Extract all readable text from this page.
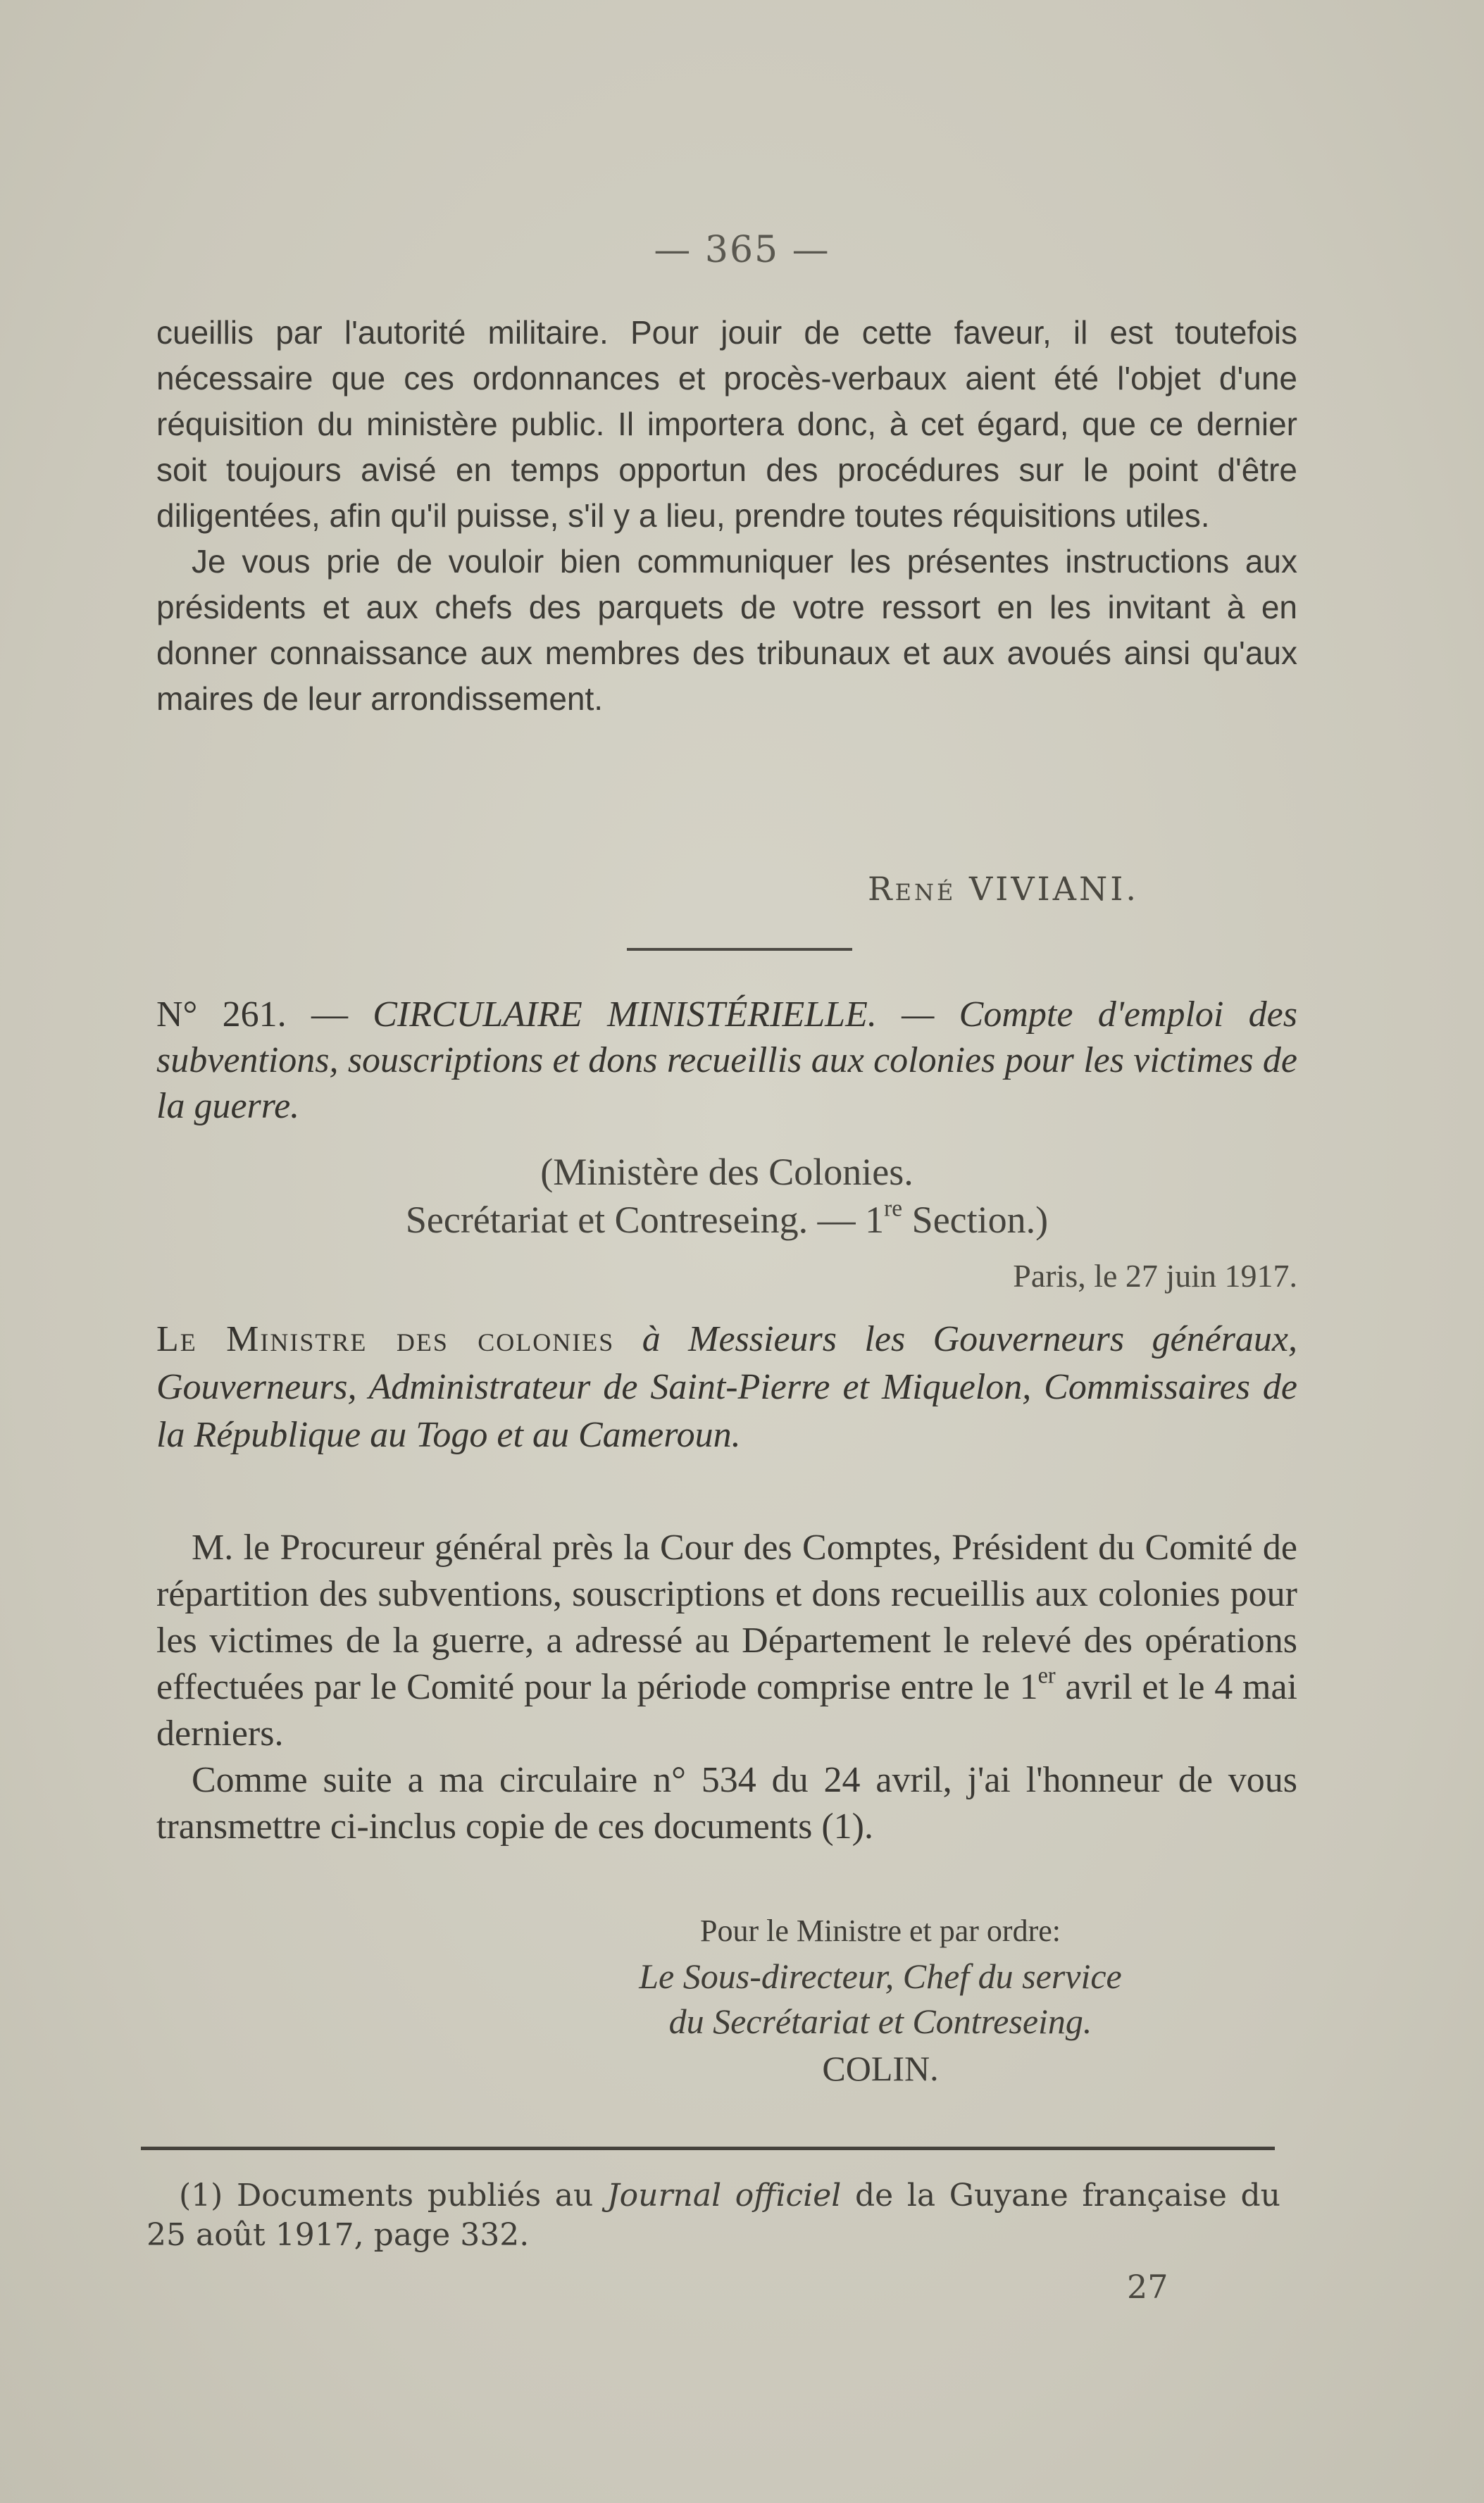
— 365 —

cueillis par l'autorité militaire. Pour jouir de cette faveur, il est toutefois nécessaire que ces ordonnances et procès-verbaux aient été l'objet d'une réquisition du ministère public. Il importera donc, à cet égard, que ce dernier soit toujours avisé en temps opportun des procédures sur le point d'être diligentées, afin qu'il puisse, s'il y a lieu, prendre toutes réquisitions utiles.

Je vous prie de vouloir bien communiquer les présentes instructions aux présidents et aux chefs des parquets de votre ressort en les invitant à en donner connaissance aux membres des tribunaux et aux avoués ainsi qu'aux maires de leur arrondissement.

René VIVIANI.

N° 261. — CIRCULAIRE MINISTÉRIELLE. — Compte d'emploi des subventions, souscriptions et dons recueillis aux colonies pour les victimes de la guerre.

(Ministère des Colonies.
Secrétariat et Contreseing. — 1re Section.)
Paris, le 27 juin 1917.

Le Ministre des colonies à Messieurs les Gouverneurs généraux, Gouverneurs, Administrateur de Saint-Pierre et Miquelon, Commissaires de la République au Togo et au Cameroun.

M. le Procureur général près la Cour des Comptes, Président du Comité de répartition des subventions, souscriptions et dons recueillis aux colonies pour les victimes de la guerre, a adressé au Département le relevé des opérations effectuées par le Comité pour la période comprise entre le 1er avril et le 4 mai derniers.

Comme suite a ma circulaire n° 534 du 24 avril, j'ai l'honneur de vous transmettre ci-inclus copie de ces documents (1).

Pour le Ministre et par ordre:
Le Sous-directeur, Chef du service
du Secrétariat et Contreseing.
COLIN.
(1) Documents publiés au Journal officiel de la Guyane française du 25 août 1917, page 332.
27
